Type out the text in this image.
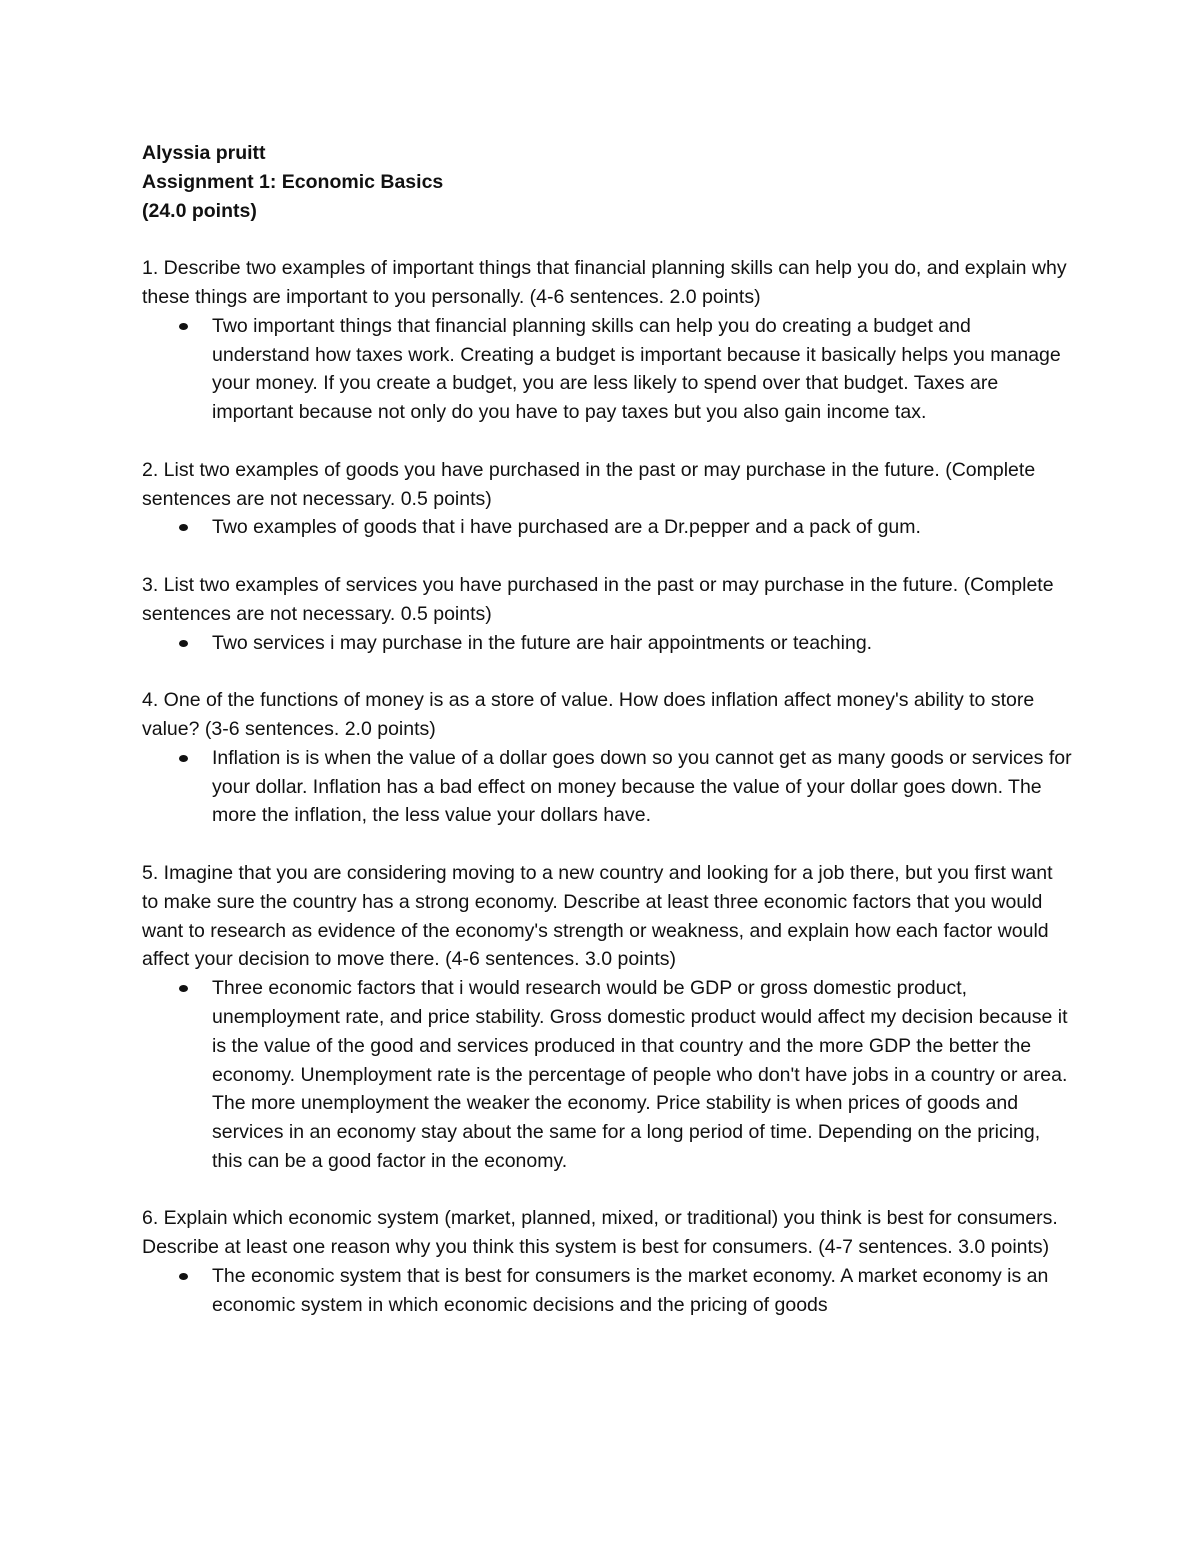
Alyssia pruitt

Assignment 1: Economic Basics

(24.0 points)

1. Describe two examples of important things that financial planning skills can help you do, and explain why these things are important to you personally. (4-6 sentences. 2.0 points)

Two important things that financial planning skills can help you do creating a budget and understand how taxes work. Creating a budget is important because it basically helps you manage your money. If you create a budget, you are less likely to spend over that budget. Taxes are important because not only do you have to pay taxes but you also gain income tax.

2. List two examples of goods you have purchased in the past or may purchase in the future. (Complete sentences are not necessary. 0.5 points)

Two examples of goods that i have purchased are a Dr.pepper and a pack of gum.

3. List two examples of services you have purchased in the past or may purchase in the future. (Complete sentences are not necessary. 0.5 points)

Two services i may purchase in the future are hair appointments or teaching.

4. One of the functions of money is as a store of value. How does inflation affect money's ability to store value? (3-6 sentences. 2.0 points)

Inflation is is when the value of a dollar goes down so you cannot get as many goods or services for your dollar. Inflation has a bad effect on money because the value of your dollar goes down. The more the inflation, the less value your dollars have.

5. Imagine that you are considering moving to a new country and looking for a job there, but you first want to make sure the country has a strong economy. Describe at least three economic factors that you would want to research as evidence of the economy's strength or weakness, and explain how each factor would affect your decision to move there. (4-6 sentences. 3.0 points)

Three economic factors that i would research would be GDP or gross domestic product, unemployment rate, and price stability. Gross domestic product would affect my decision because it is the value of the good and services produced in that country and the more GDP the better the economy. Unemployment rate is the percentage of people who don't have jobs in a country or area. The more unemployment the weaker the economy. Price stability is when prices of goods and services in an economy stay about the same for a long period of time. Depending on the pricing, this can be a good factor in the economy.

6. Explain which economic system (market, planned, mixed, or traditional) you think is best for consumers. Describe at least one reason why you think this system is best for consumers. (4-7 sentences. 3.0 points)

The economic system that is best for consumers is the market economy. A market economy is an economic system in which economic decisions and the pricing of goods
